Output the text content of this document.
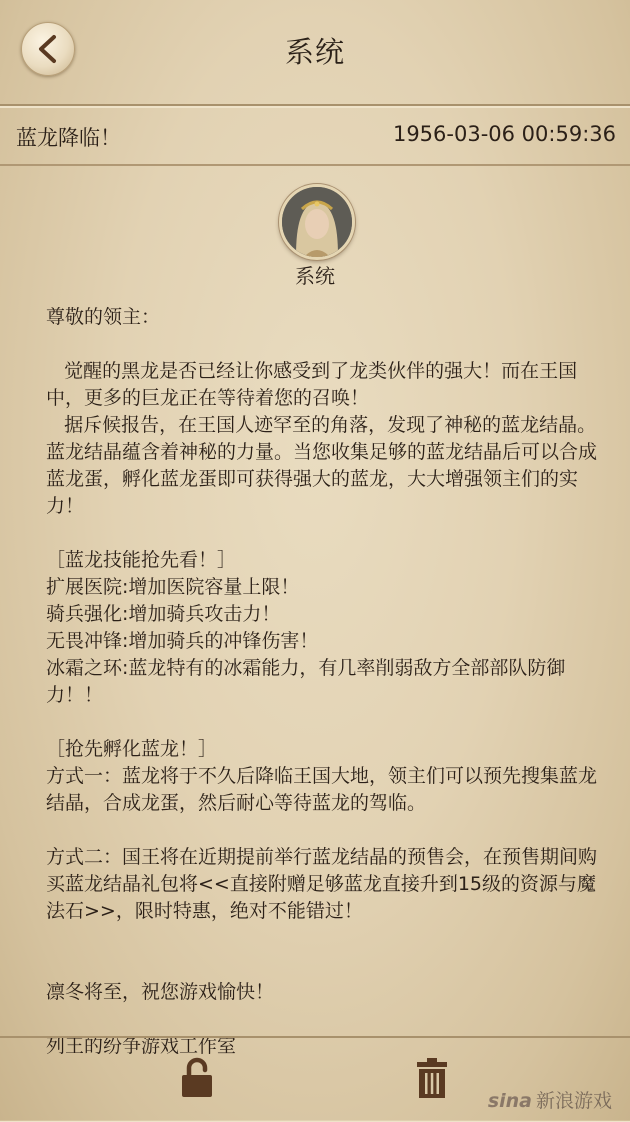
系统
蓝龙降临！	1956-03-06 00:59:36
系统
尊敬的领主：

觉醒的黑龙是否已经让你感受到了龙类伙伴的强大！而在王国中，更多的巨龙正在等待着您的召唤！
据斥候报告，在王国人迹罕至的角落，发现了神秘的蓝龙结晶。蓝龙结晶蕴含着神秘的力量。当您收集足够的蓝龙结晶后可以合成蓝龙蛋，孵化蓝龙蛋即可获得强大的蓝龙，大大增强领主们的实力！

［蓝龙技能抢先看！］
扩展医院:增加医院容量上限！
骑兵强化:增加骑兵攻击力！
无畏冲锋:增加骑兵的冲锋伤害！
冰霜之环:蓝龙特有的冰霜能力，有几率削弱敌方全部部队防御力！！

［抢先孵化蓝龙！］
方式一：蓝龙将于不久后降临王国大地，领主们可以预先搜集蓝龙结晶，合成龙蛋，然后耐心等待蓝龙的驾临。

方式二：国王将在近期提前举行蓝龙结晶的预售会，在预售期间购买蓝龙结晶礼包将<<直接附赠足够蓝龙直接升到15级的资源与魔法石>>，限时特惠，绝对不能错过！

凛冬将至，祝您游戏愉快！

列王的纷争游戏工作室
sina 新浪游戏
